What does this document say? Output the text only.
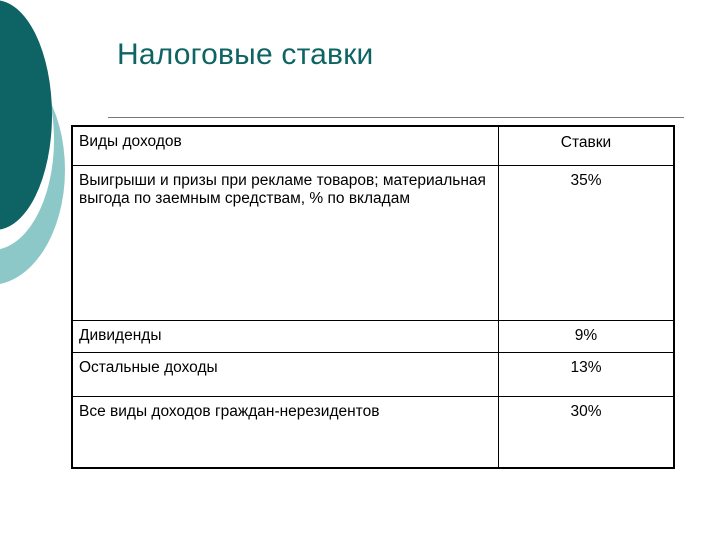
Налоговые ставки
Виды доходов	Ставки

Выигрыши и призы при рекламе товаров; материальная выгода по заемным средствам, % по вкладам	35%

Дивиденды	9%

Остальные доходы	13%

Все виды доходов граждан-нерезидентов	30%
